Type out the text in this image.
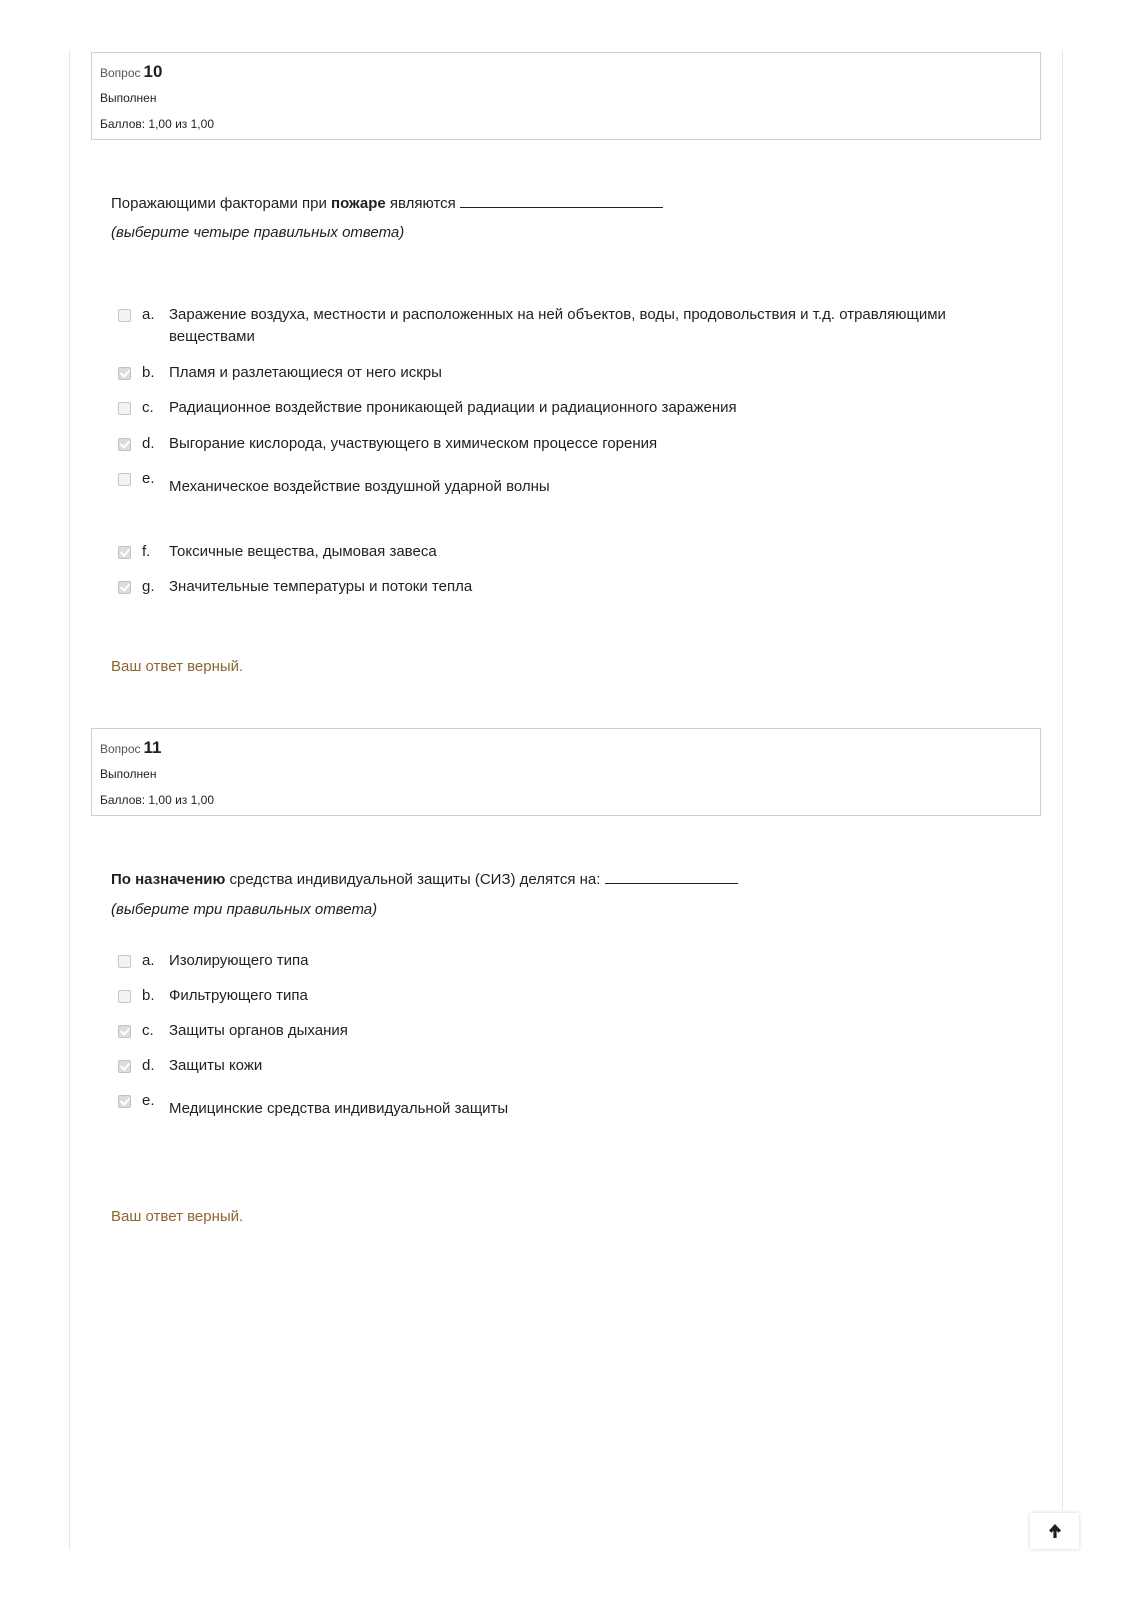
Вопрос 10
Выполнен
Баллов: 1,00 из 1,00
Поражающими факторами при пожаре являются
(выберите четыре правильных ответа)
a. Заражение воздуха, местности и расположенных на ней объектов, воды, продовольствия и т.д. отравляющими веществами
b. Пламя и разлетающиеся от него искры
c. Радиационное воздействие проникающей радиации и радиационного заражения
d. Выгорание кислорода, участвующего в химическом процессе горения
e. Механическое воздействие воздушной ударной волны
f. Токсичные вещества, дымовая завеса
g. Значительные температуры и потоки тепла
Ваш ответ верный.
Вопрос 11
Выполнен
Баллов: 1,00 из 1,00
По назначению средства индивидуальной защиты (СИЗ) делятся на:
(выберите три правильных ответа)
a. Изолирующего типа
b. Фильтрующего типа
c. Защиты органов дыхания
d. Защиты кожи
e. Медицинские средства индивидуальной защиты
Ваш ответ верный.
